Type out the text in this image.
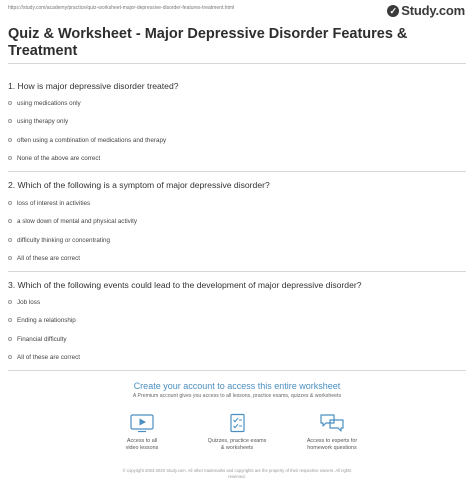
https://study.com/academy/practice/quiz-worksheet-major-depressive-disorder-features-treatment.html	✓ Study.com
Quiz & Worksheet - Major Depressive Disorder Features & Treatment
1. How is major depressive disorder treated?
using medications only
using therapy only
often using a combination of medications and therapy
None of the above are correct
2. Which of the following is a symptom of major depressive disorder?
loss of interest in activities
a slow down of mental and physical activity
difficulty thinking or concentrating
All of these are correct
3. Which of the following events could lead to the development of major depressive disorder?
Job loss
Ending a relationship
Financial difficulty
All of these are correct
Create your account to access this entire worksheet
A Premium account gives you access to all lessons, practice exams, quizzes & worksheets
Access to all
video lessons
Quizzes, practice exams
& worksheets
Access to experts for
homework questions
© copyright 2003-2020 Study.com. All other trademarks and copyrights are the property of their respective owners. All rights
reserved.
